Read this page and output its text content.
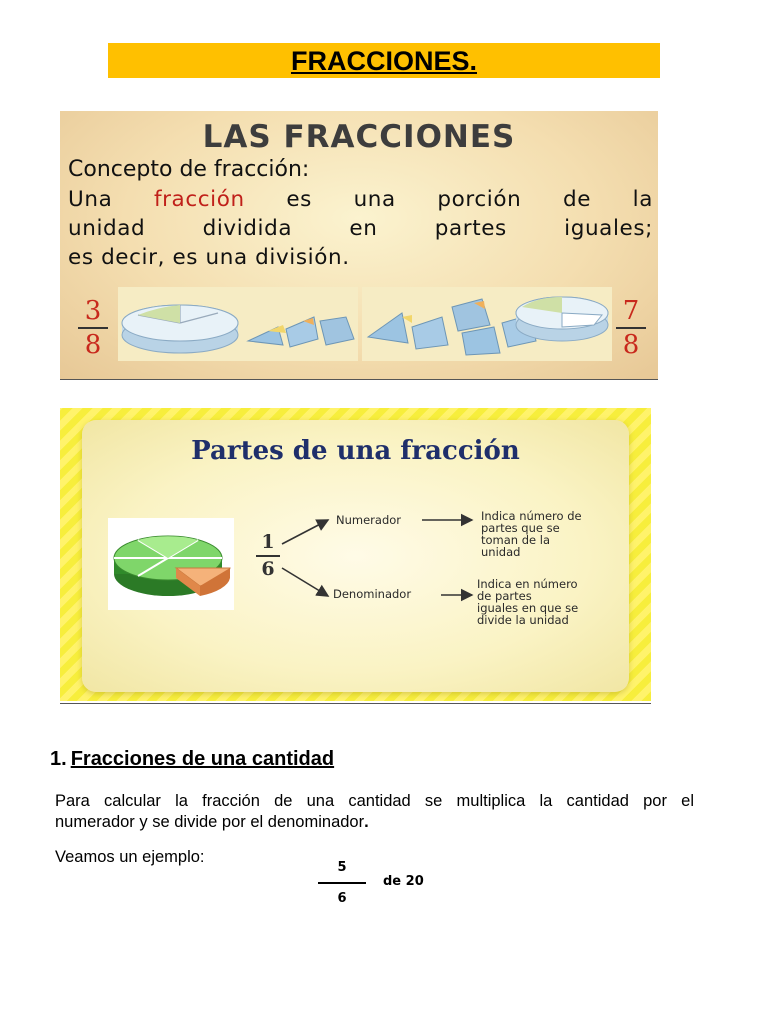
FRACCIONES.
LAS FRACCIONES
Concepto de fracción:
Una fracción es una porción de la
unidad dividida en partes iguales;
es decir, es una división.
3
8
7
8
Partes de una fracción
1
6
Numerador
Denominador
Indica número de
partes que se
toman de la
unidad
Indica en número
de partes
iguales en que se
divide la unidad
1. Fracciones de una cantidad
Para calcular la fracción de una cantidad se multiplica la cantidad por el
numerador y se divide por el denominador.
Veamos un ejemplo:
5
6
de 20
